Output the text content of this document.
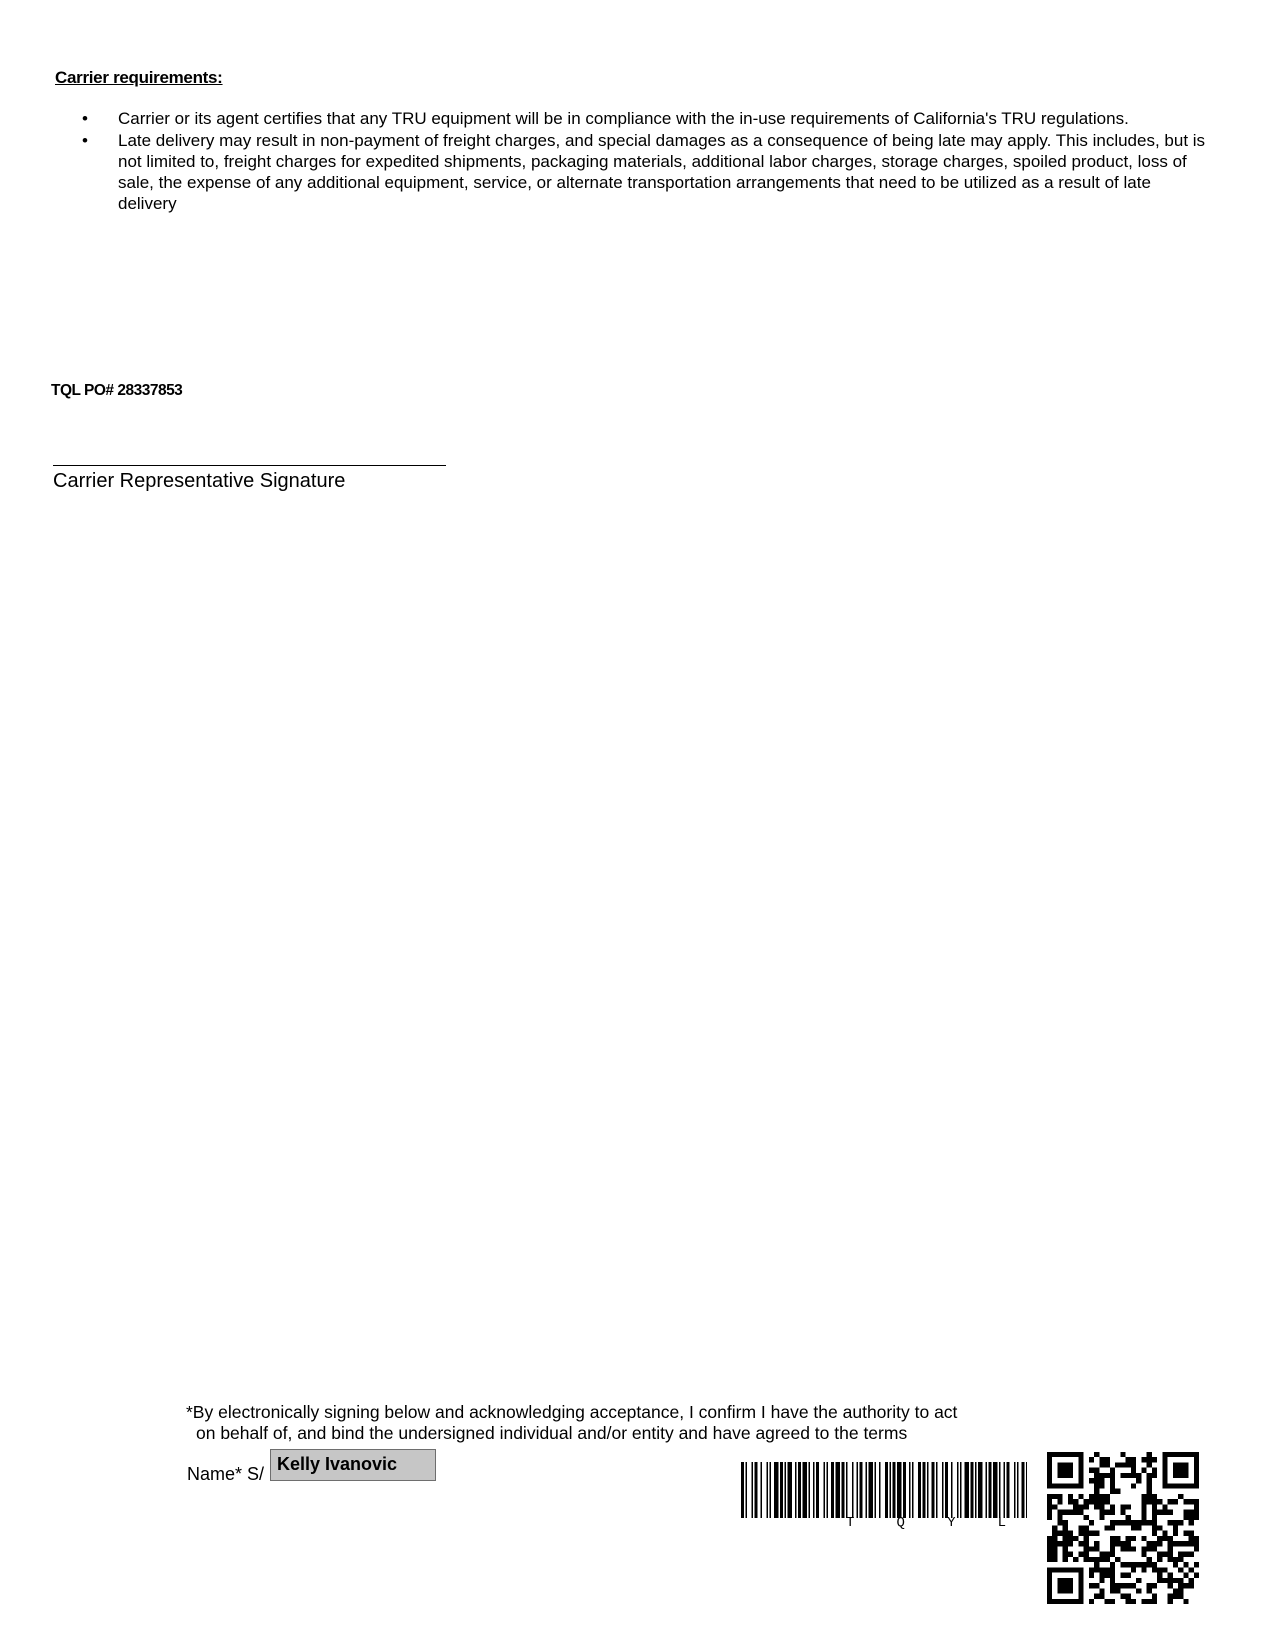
Carrier requirements:
• Carrier or its agent certifies that any TRU equipment will be in compliance with the in-use requirements of California's TRU regulations.
• Late delivery may result in non-payment of freight charges, and special damages as a consequence of being late may apply. This includes, but is not limited to, freight charges for expedited shipments, packaging materials, additional labor charges, storage charges, spoiled product, loss of sale, the expense of any additional equipment, service, or alternate transportation arrangements that need to be utilized as a result of late delivery
TQL PO# 28337853
Carrier Representative Signature
*By electronically signing below and acknowledging acceptance, I confirm I have the authority to act
on behalf of, and bind the undersigned individual and/or entity and have agreed to the terms
Name* S/ Kelly Ivanovic
T	Q	Y	L
